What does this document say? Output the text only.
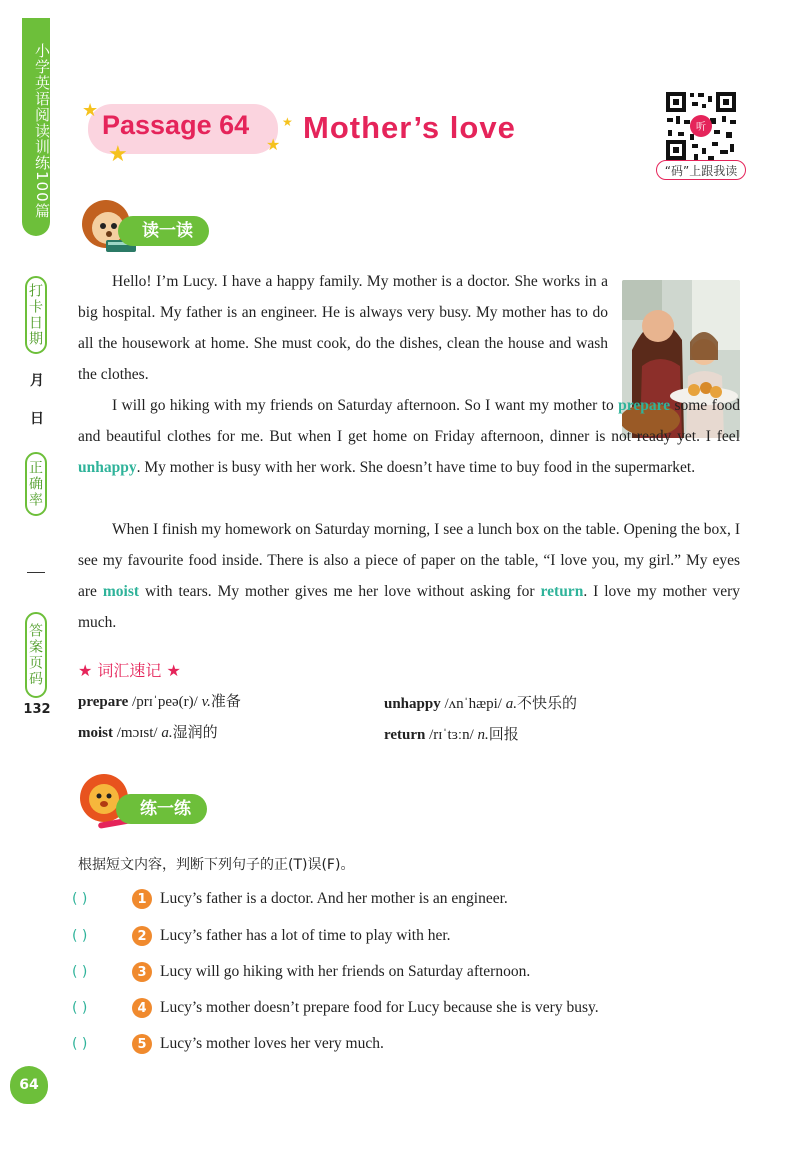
小学英语阅读训练100篇
打卡日期
月
日
正确率
答案页码
132
64
★
★	★
★
Passage 64 Mother’s love	听
“码”上跟我读
读一读

Hello! I’m Lucy. I have a happy family. My mother is a doctor. She works in a big hospital. My father is an engineer. He is always very busy. My mother has to do all the housework at home. She must cook, do the dishes, clean the house and wash the clothes.

I will go hiking with my friends on Saturday afternoon. So I want my mother to prepare some food and beautiful clothes for me. But when I get home on Friday afternoon, dinner is not ready yet. I feel unhappy. My mother is busy with her work. She doesn’t have time to buy food in the supermarket.

When I finish my homework on Saturday morning, I see a lunch box on the table. Opening the box, I see my favourite food inside. There is also a piece of paper on the table, “I love you, my girl.” My eyes are moist with tears. My mother gives me her love without asking for return. I love my mother very much.

★ 词汇速记 ★
prepare /prɪˈpeə(r)/ v.准备	unhappy /ʌnˈhæpi/ a.不快乐的
moist /mɔɪst/ a.湿润的	return /rɪˈtɜːn/ n.回报
练一练
根据短文内容，判断下列句子的正(T)误(F)。
( )	1 Lucy’s father is a doctor. And her mother is an engineer.
( )	2 Lucy’s father has a lot of time to play with her.
( )	3 Lucy will go hiking with her friends on Saturday afternoon.
( )	4 Lucy’s mother doesn’t prepare food for Lucy because she is very busy.
( )	5 Lucy’s mother loves her very much.
